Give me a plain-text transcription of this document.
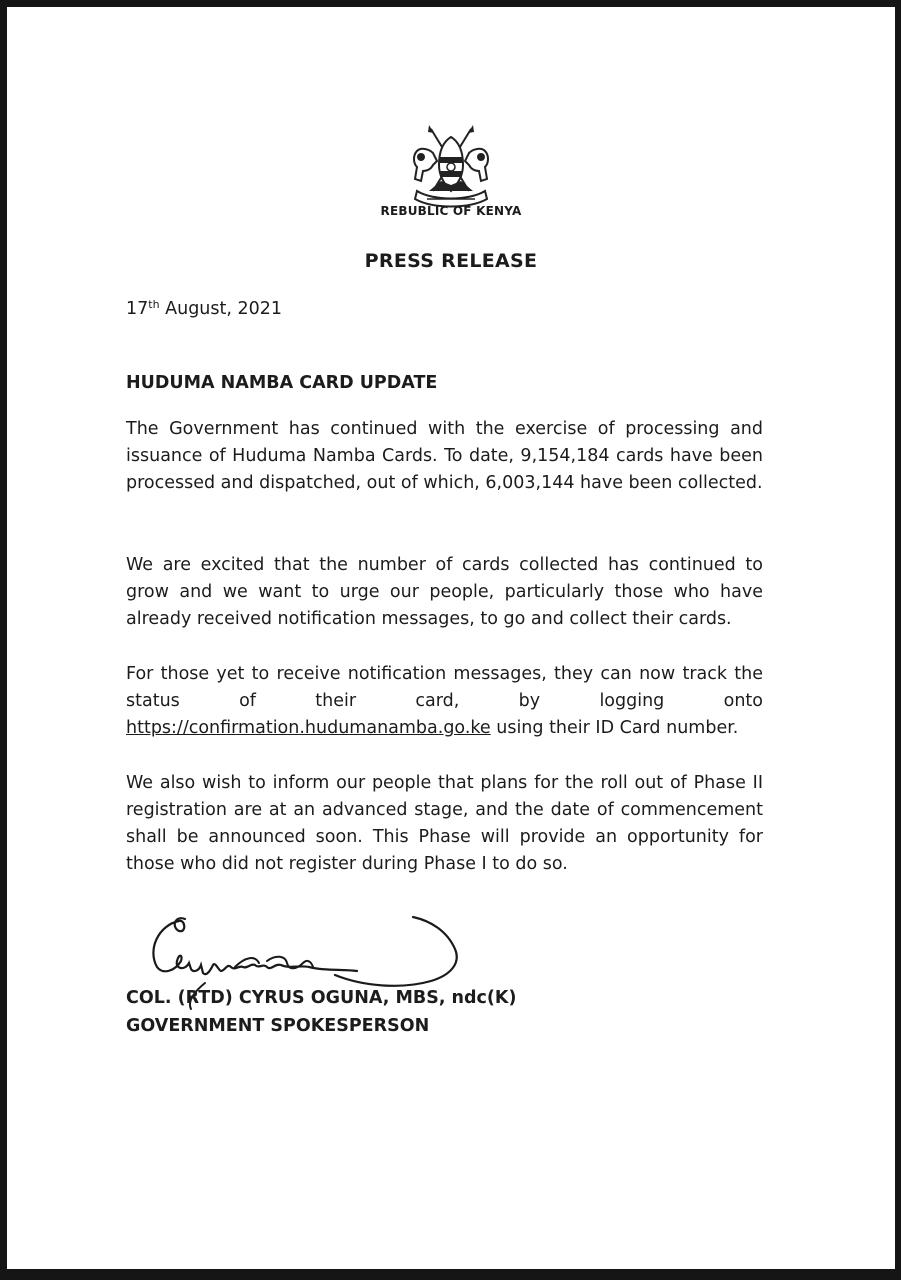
REBUBLIC OF KENYA
PRESS RELEASE
17th August, 2021
HUDUMA NAMBA CARD UPDATE

The Government has continued with the exercise of processing and issuance of Huduma Namba Cards. To date, 9,154,184 cards have been processed and dispatched, out of which, 6,003,144 have been collected.

We are excited that the number of cards collected has continued to grow and we want to urge our people, particularly those who have already received notification messages, to go and collect their cards.

For those yet to receive notification messages, they can now track the status of their card, by logging onto https://confirmation.hudumanamba.go.ke using their ID Card number.

We also wish to inform our people that plans for the roll out of Phase II registration are at an advanced stage, and the date of commencement shall be announced soon. This Phase will provide an opportunity for those who did not register during Phase I to do so.

COL. (RTD) CYRUS OGUNA, MBS, ndc(K)
GOVERNMENT SPOKESPERSON
